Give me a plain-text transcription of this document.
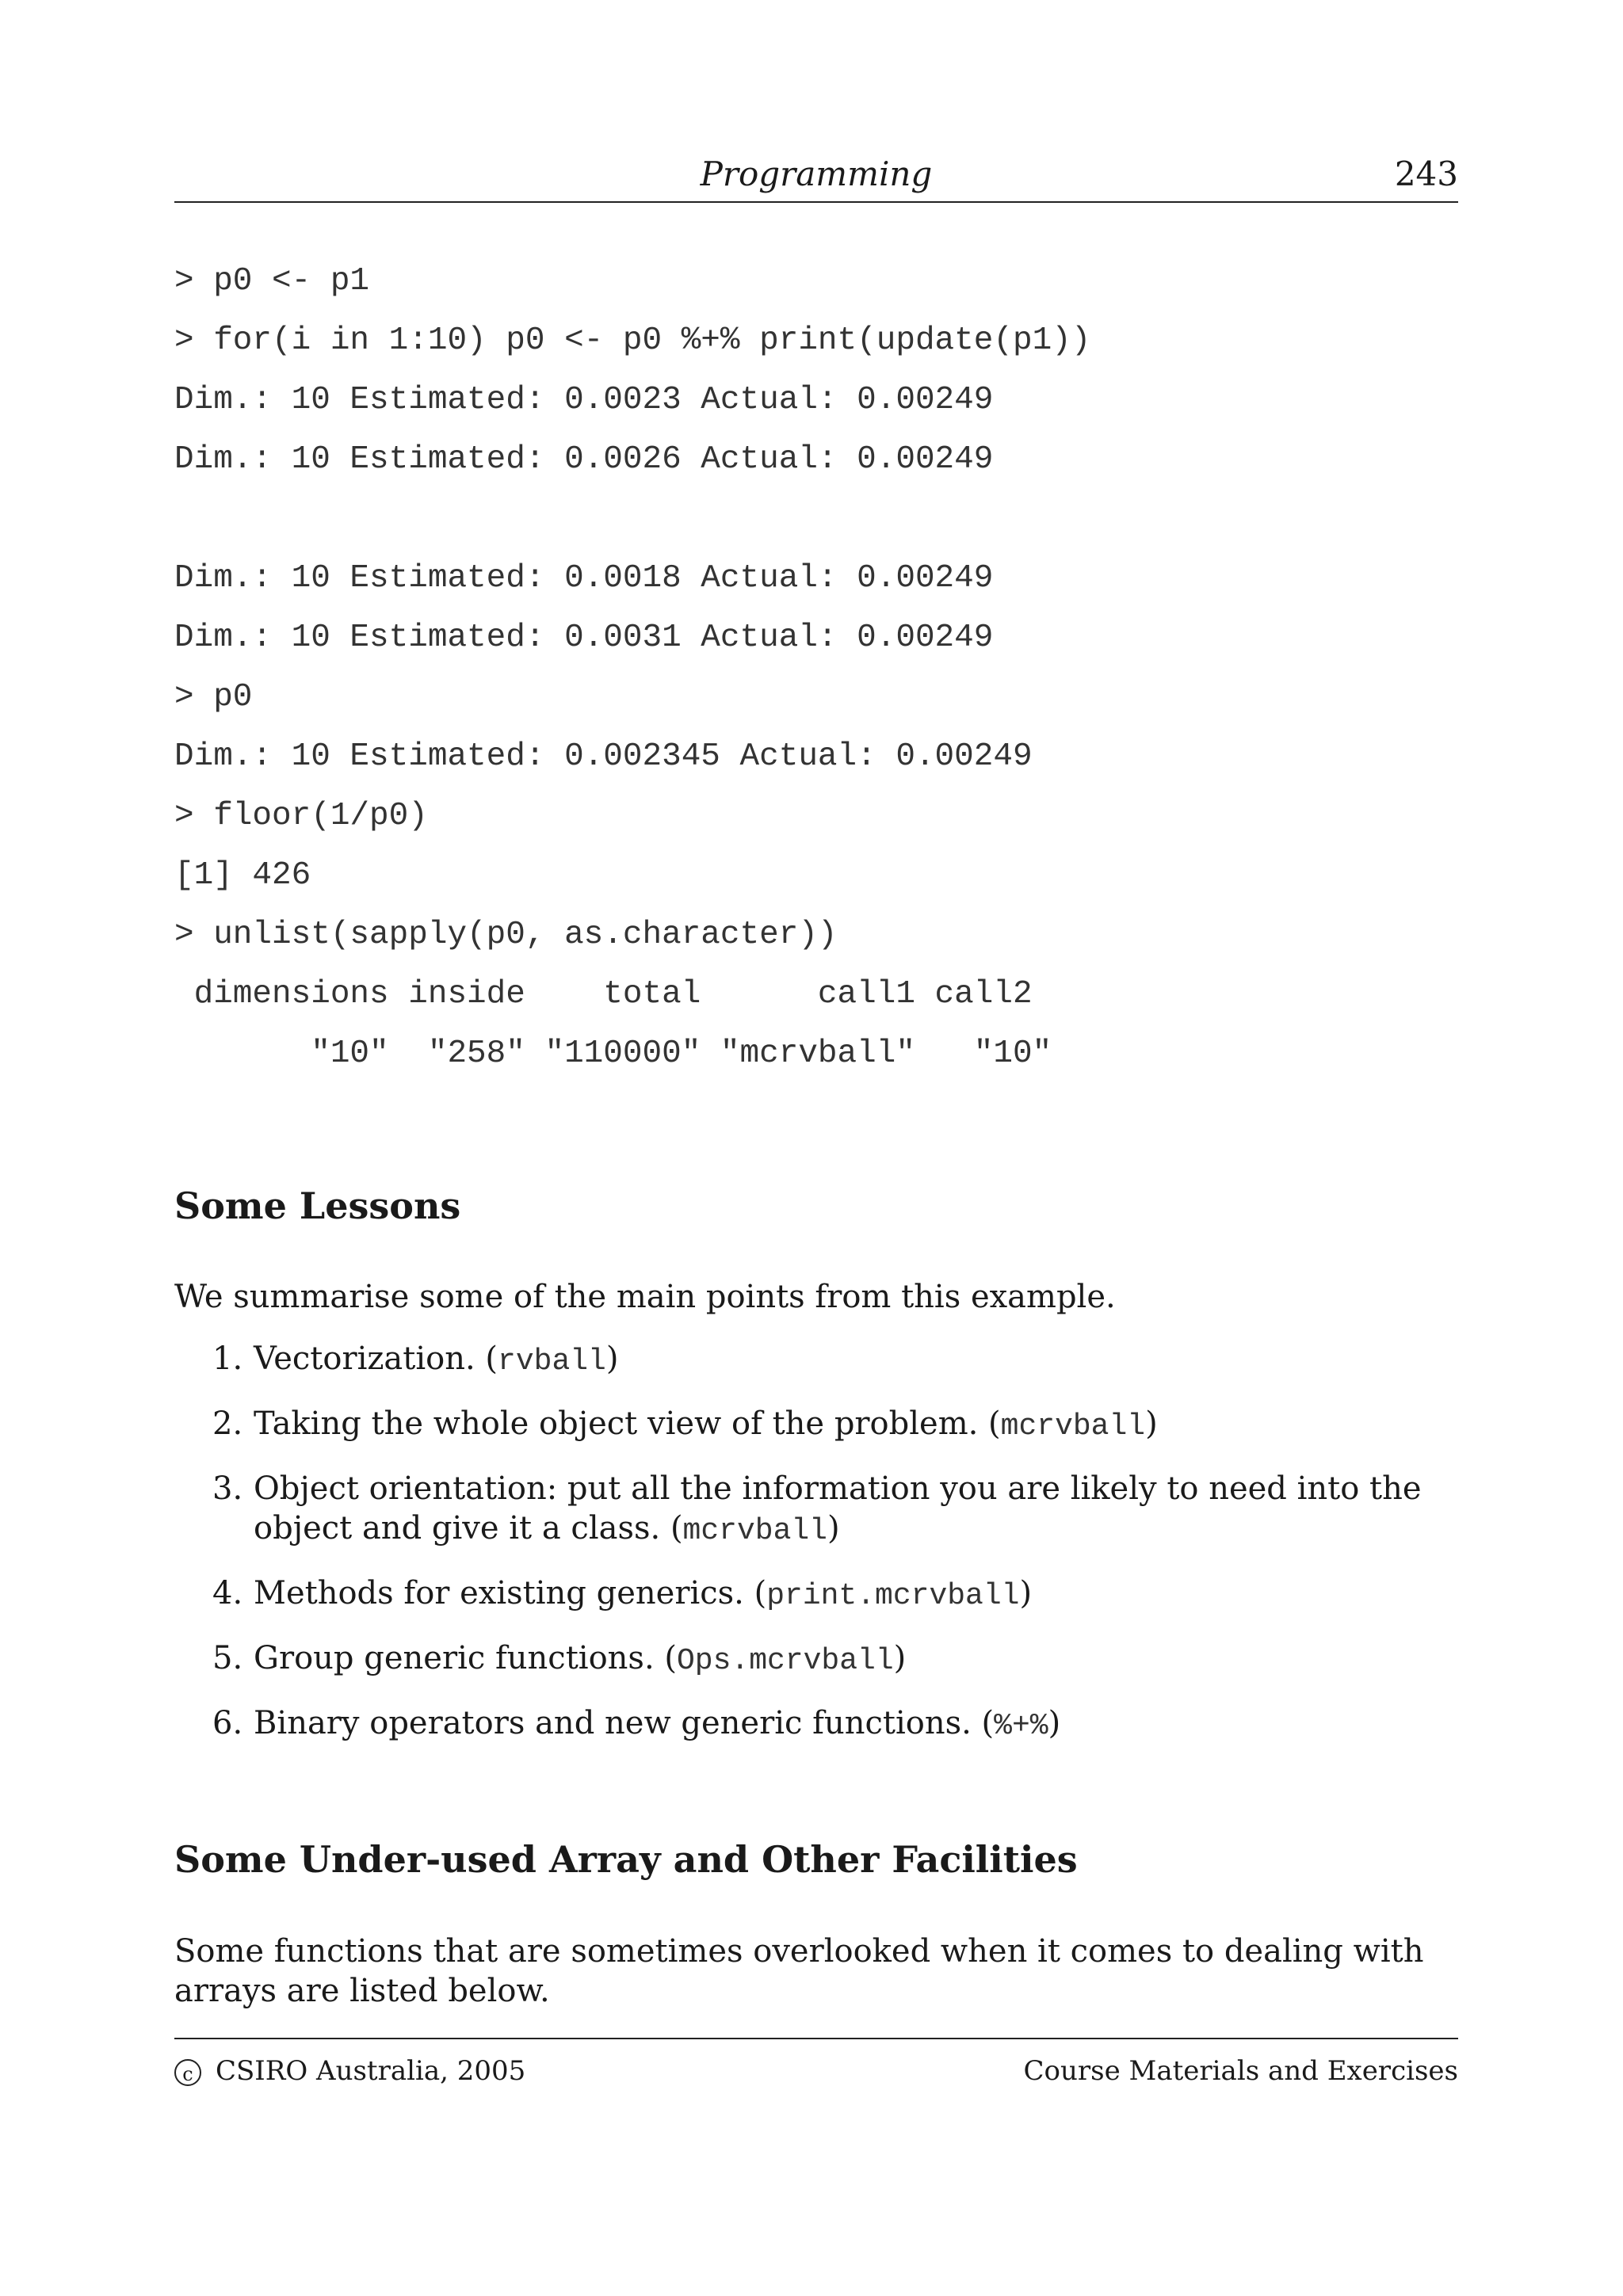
Programming	243
> p0 <- p1
> for(i in 1:10) p0 <- p0 %+% print(update(p1))
Dim.: 10 Estimated: 0.0023 Actual: 0.00249
Dim.: 10 Estimated: 0.0026 Actual: 0.00249
Dim.: 10 Estimated: 0.0018 Actual: 0.00249
Dim.: 10 Estimated: 0.0031 Actual: 0.00249
> p0
Dim.: 10 Estimated: 0.002345 Actual: 0.00249
> floor(1/p0)
[1] 426
> unlist(sapply(p0, as.character))
dimensions inside    total      call1 call2
"10"  "258" "110000" "mcrvball"   "10"
Some Lessons

We summarise some of the main points from this example.

1. Vectorization. (rvball)
2. Taking the whole object view of the problem. (mcrvball)
3. Object orientation: put all the information you are likely to need into the object and give it a class. (mcrvball)
4. Methods for existing generics. (print.mcrvball)
5. Group generic functions. (Ops.mcrvball)
6. Binary operators and new generic functions. (%+%)
Some Under-used Array and Other Facilities

Some functions that are sometimes overlooked when it comes to dealing with arrays are listed below.

c CSIRO Australia, 2005	Course Materials and Exercises
